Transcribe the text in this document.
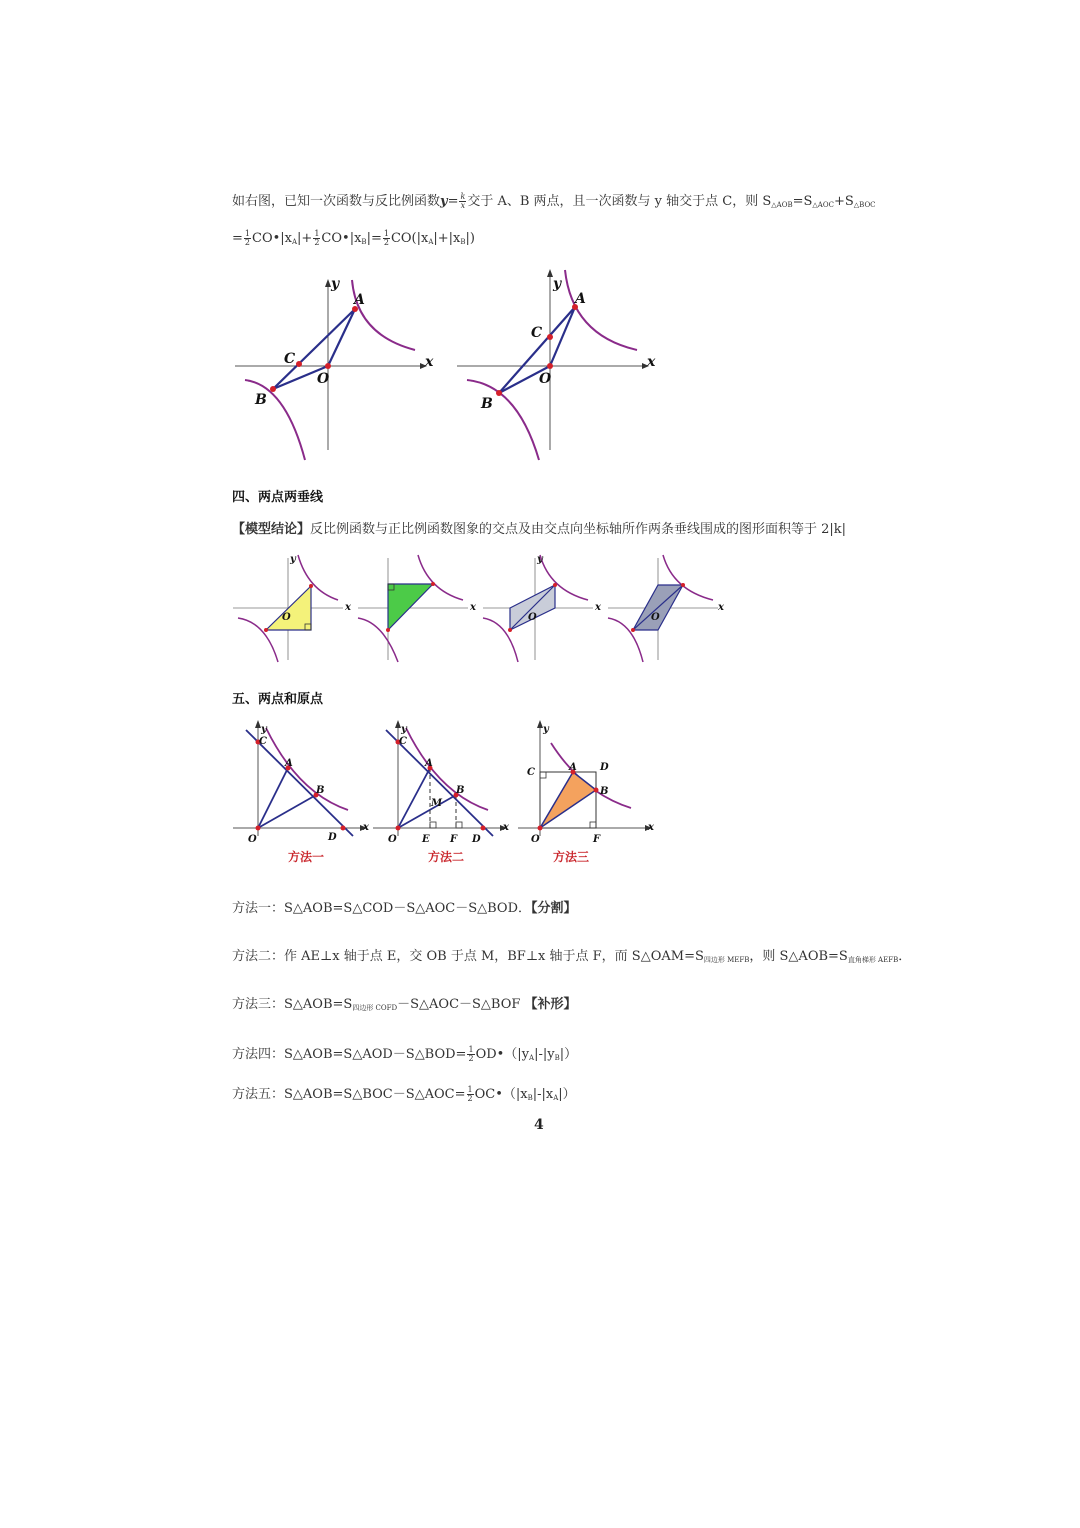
如右图，已知一次函数与反比例函数$y= \frac{k}{x}$ 交于 A、B 两点，且一次函数与 y 轴交于点 C，则 $S_{\triangle AOB}=S_{\triangle AOC}+S_{\triangle BOC}$
= $\frac{1}{2}$ $CO•|x_A|+ \frac{1}{2}$ $CO•|x_B|= \frac{1}{2} CO(|x_A|+|x_B|)$
A
B
C
O
x
y
A
B
C
O
x
y
四、两点两垂线
【模型结论】反比例函数与正比例函数图象的交点及由交点向坐标轴所作两条垂线围成的图形面积等于 2|k|
O
x
y
x
O
x
y
O
x
五、两点和原点
A
B
C
O
x
y
D
方法一
A
B
C
O
x
y
D
E F
M
方法二
A
B
C
O
x
y
D
F
方法三
方法一：S△AOB=S△COD－S△AOC－S△BOD．【分割】
方法二：作 AE⊥x 轴于点 E，交 OB 于点 M，BF⊥x 轴于点 F，而 $S\triangle OAM=S_{四边形 MEFB}$，则 $S\triangle AOB=S_{直角梯形 AEFB}$．
方法三：$S\triangle AOB=S_{四边形 COFD}-S\triangle AOC-S\triangle BOF$ 【补形】
方法四：S△AOB=S△AOD－S△BOD= $\frac{1}{2}$ $OD•(|y_A|-|y_B|)$
方法五：S△AOB=S△BOC－S△AOC= $\frac{1}{2}$ $OC•(|x_B|-|x_A|)$
4
